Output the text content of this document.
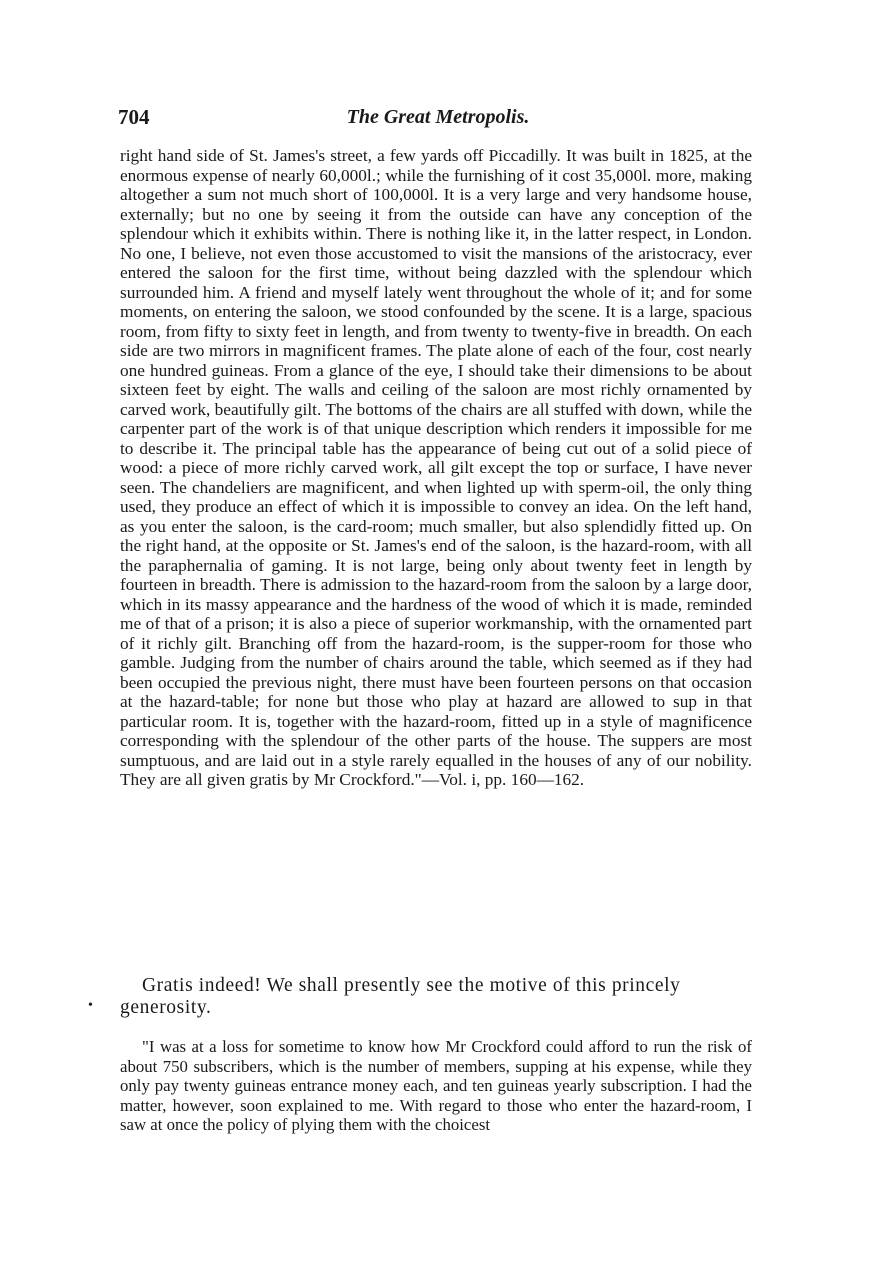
704	The Great Metropolis.

right hand side of St. James's street, a few yards off Piccadilly. It was built in 1825, at the enormous expense of nearly 60,000l.; while the furnishing of it cost 35,000l. more, making altogether a sum not much short of 100,000l. It is a very large and very handsome house, externally; but no one by seeing it from the outside can have any conception of the splendour which it exhibits within. There is nothing like it, in the latter respect, in London. No one, I believe, not even those accustomed to visit the mansions of the aristocracy, ever entered the saloon for the first time, without being dazzled with the splendour which surrounded him. A friend and myself lately went throughout the whole of it; and for some moments, on entering the saloon, we stood confounded by the scene. It is a large, spacious room, from fifty to sixty feet in length, and from twenty to twenty-five in breadth. On each side are two mirrors in magnificent frames. The plate alone of each of the four, cost nearly one hundred guineas. From a glance of the eye, I should take their dimensions to be about sixteen feet by eight. The walls and ceiling of the saloon are most richly ornamented by carved work, beautifully gilt. The bottoms of the chairs are all stuffed with down, while the carpenter part of the work is of that unique description which renders it impossible for me to describe it. The principal table has the appearance of being cut out of a solid piece of wood: a piece of more richly carved work, all gilt except the top or surface, I have never seen. The chandeliers are magnificent, and when lighted up with sperm-oil, the only thing used, they produce an effect of which it is impossible to convey an idea. On the left hand, as you enter the saloon, is the card-room; much smaller, but also splendidly fitted up. On the right hand, at the opposite or St. James's end of the saloon, is the hazard-room, with all the paraphernalia of gaming. It is not large, being only about twenty feet in length by fourteen in breadth. There is admission to the hazard-room from the saloon by a large door, which in its massy appearance and the hardness of the wood of which it is made, reminded me of that of a prison; it is also a piece of superior workmanship, with the ornamented part of it richly gilt. Branching off from the hazard-room, is the supper-room for those who gamble. Judging from the number of chairs around the table, which seemed as if they had been occupied the previous night, there must have been fourteen persons on that occasion at the hazard-table; for none but those who play at hazard are allowed to sup in that particular room. It is, together with the hazard-room, fitted up in a style of magnificence corresponding with the splendour of the other parts of the house. The suppers are most sumptuous, and are laid out in a style rarely equalled in the houses of any of our nobility. They are all given gratis by Mr Crockford."—Vol. i, pp. 160—162.

•

Gratis indeed! We shall presently see the motive of this princely generosity.

"I was at a loss for sometime to know how Mr Crockford could afford to run the risk of about 750 subscribers, which is the number of members, supping at his expense, while they only pay twenty guineas entrance money each, and ten guineas yearly subscription. I had the matter, however, soon explained to me. With regard to those who enter the hazard-room, I saw at once the policy of plying them with the choicest
